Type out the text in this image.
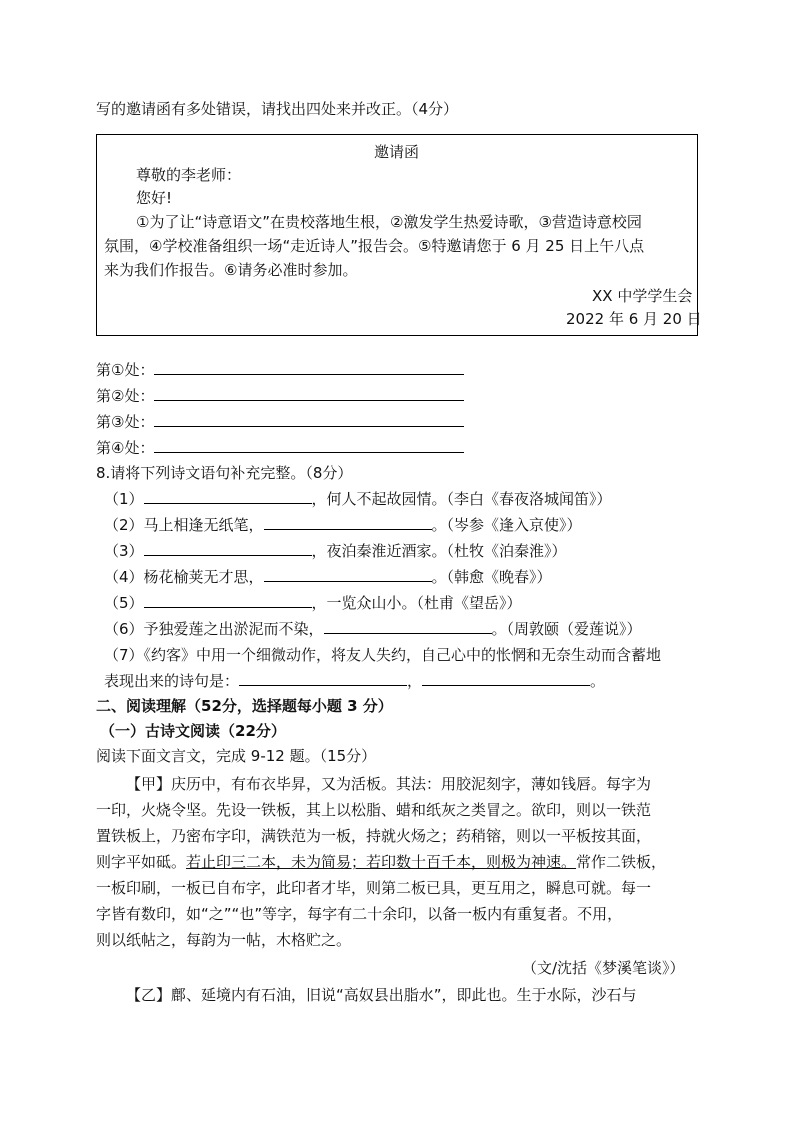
写的邀请函有多处错误，请找出四处来并改正。（4分）
邀请函
尊敬的李老师：
您好!
①为了让“诗意语文”在贵校落地生根，②激发学生热爱诗歌，③营造诗意校园
氛围，④学校准备组织一场“走近诗人”报告会。⑤特邀请您于 6 月 25 日上午八点
来为我们作报告。⑥请务必准时参加。
XX 中学学生会
2022 年 6 月 20 日
第①处：
第②处：
第③处：
第④处：
8.请将下列诗文语句补充完整。（8分）
（1）	，何人不起故园情。（李白《春夜洛城闻笛》）
（2）马上相逢无纸笔，	。（岑参《逢入京使》）
（3）	，夜泊秦淮近酒家。（杜牧《泊秦淮》）
（4）杨花榆荚无才思，	。（韩愈《晚春》）
（5）	，一览众山小。（杜甫《望岳》）
（6）予独爱莲之出淤泥而不染，	。（周敦颐（爱莲说》）
（7）《约客》中用一个细微动作，将友人失约，自己心中的怅惘和无奈生动而含蓄地
表现出来的诗句是：	，	。
二、阅读理解（52分，选择题每小题 3 分）
（一）古诗文阅读（22分）
阅读下面文言文，完成 9-12 题。（15分）
【甲】庆历中，有布衣毕昇，又为活板。其法：用胶泥刻字，薄如钱唇。每字为
一印，火烧令坚。先设一铁板，其上以松脂、蜡和纸灰之类冒之。欲印，则以一铁范
置铁板上，乃密布字印，满铁范为一板，持就火炀之；药稍镕，则以一平板按其面，
则字平如砥。若止印三二本，未为简易；若印数十百千本，则极为神速。常作二铁板，
一板印刷，一板已自布字，此印者才毕，则第二板已具，更互用之，瞬息可就。每一
字皆有数印，如“之”“也”等字，每字有二十余印，以备一板内有重复者。不用，
则以纸帖之，每韵为一帖，木格贮之。
（文/沈括《梦溪笔谈》）
【乙】鄜、延境内有石油，旧说“高奴县出脂水”，即此也。生于水际，沙石与
